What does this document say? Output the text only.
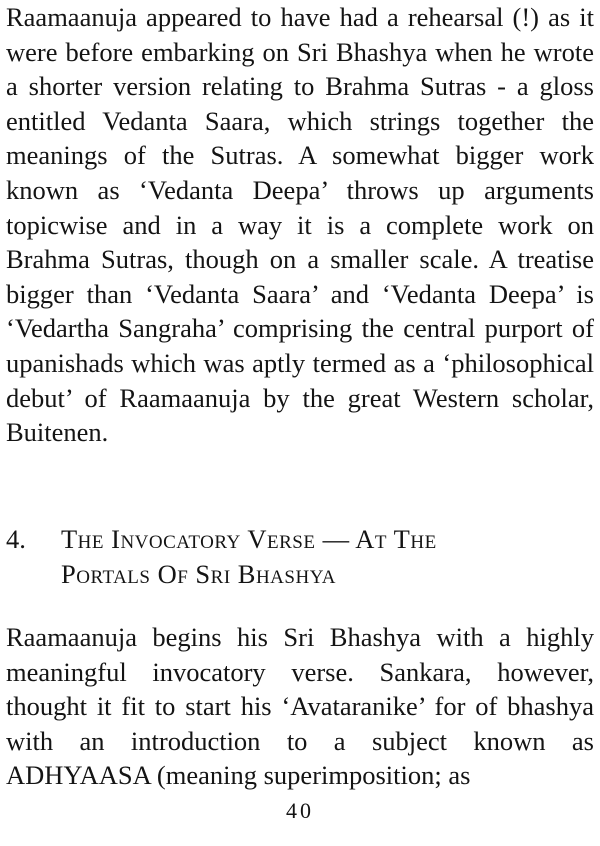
Raamaanuja appeared to have had a rehearsal (!) as it were before embarking on Sri Bhashya when he wrote a shorter version relating to Brahma Sutras - a gloss entitled Vedanta Saara, which strings together the meanings of the Sutras. A somewhat bigger work known as ‘Vedanta Deepa’ throws up arguments topicwise and in a way it is a complete work on Brahma Sutras, though on a smaller scale. A treatise bigger than ‘Vedanta Saara’ and ‘Vedanta Deepa’ is ‘Vedartha Sangraha’ comprising the central purport of upanishads which was aptly termed as a ‘philosophical debut’ of Raamaanuja by the great Western scholar, Buitenen.

4. The Invocatory Verse — At The
Portals Of Sri Bhashya

Raamaanuja begins his Sri Bhashya with a highly meaningful invocatory verse. Sankara, however, thought it fit to start his ‘Avataranike’ for of bhashya with an introduction to a subject known as ADHYAASA (meaning superimposition; as

40
